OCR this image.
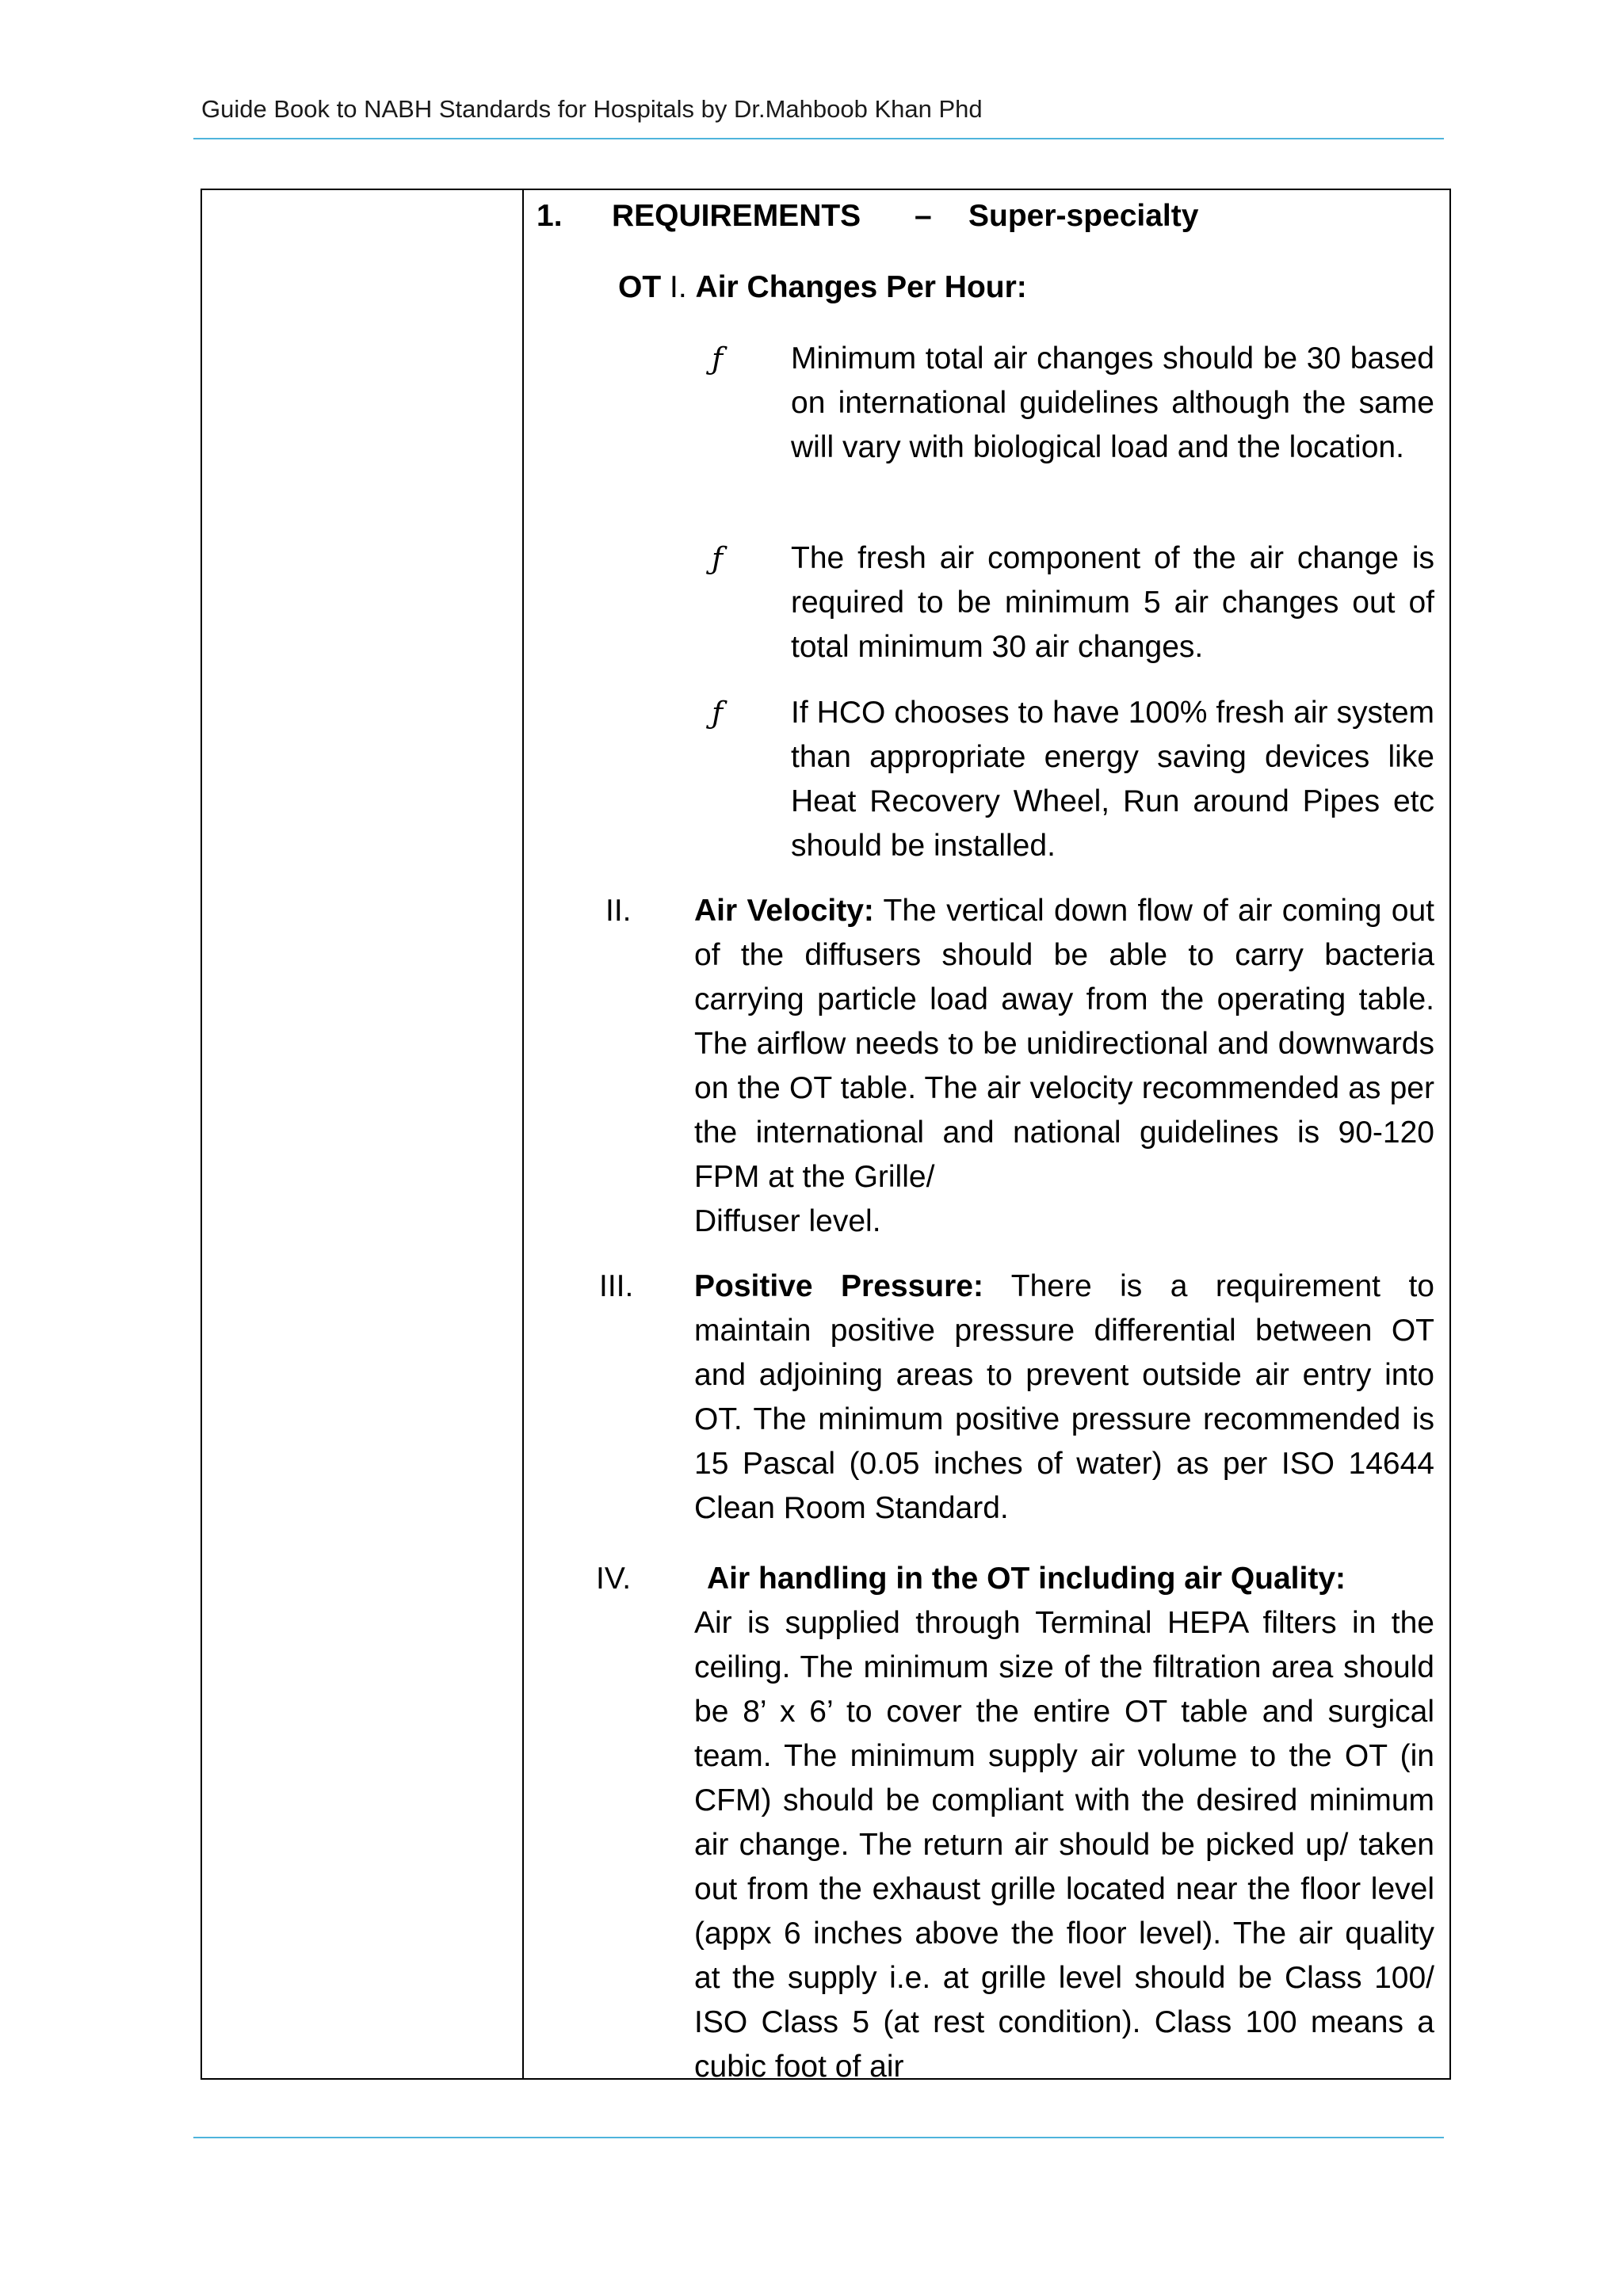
Guide Book to NABH Standards for Hospitals by Dr.Mahboob Khan Phd
1. REQUIREMENTS – Super-specialty
OT I. Air Changes Per Hour:
ƒ Minimum total air changes should be 30 based on international guidelines although the same will vary with biological load and the location.
ƒ The fresh air component of the air change is required to be minimum 5 air changes out of total minimum 30 air changes.
ƒ If HCO chooses to have 100% fresh air system than appropriate energy saving devices like Heat Recovery Wheel, Run around Pipes etc should be installed.
II. Air Velocity: The vertical down flow of air coming out of the diffusers should be able to carry bacteria carrying particle load away from the operating table. The airflow needs to be unidirectional and downwards on the OT table. The air velocity recommended as per the international and national guidelines is 90-120 FPM at the Grille/
Diffuser level.
III. Positive Pressure: There is a requirement to maintain positive pressure differential between OT and adjoining areas to prevent outside air entry into OT. The minimum positive pressure recommended is 15 Pascal (0.05 inches of water) as per ISO 14644 Clean Room Standard.
IV.	Air handling in the OT including air Quality:
Air is supplied through Terminal HEPA filters in the ceiling. The minimum size of the filtration area should be 8’ x 6’ to cover the entire OT table and surgical team. The minimum supply air volume to the OT (in CFM) should be compliant with the desired minimum air change. The return air should be picked up/ taken out from the exhaust grille located near the floor level (appx 6 inches above the floor level). The air quality at the supply i.e. at grille level should be Class 100/ ISO Class 5 (at rest condition). Class 100 means a cubic foot of air
